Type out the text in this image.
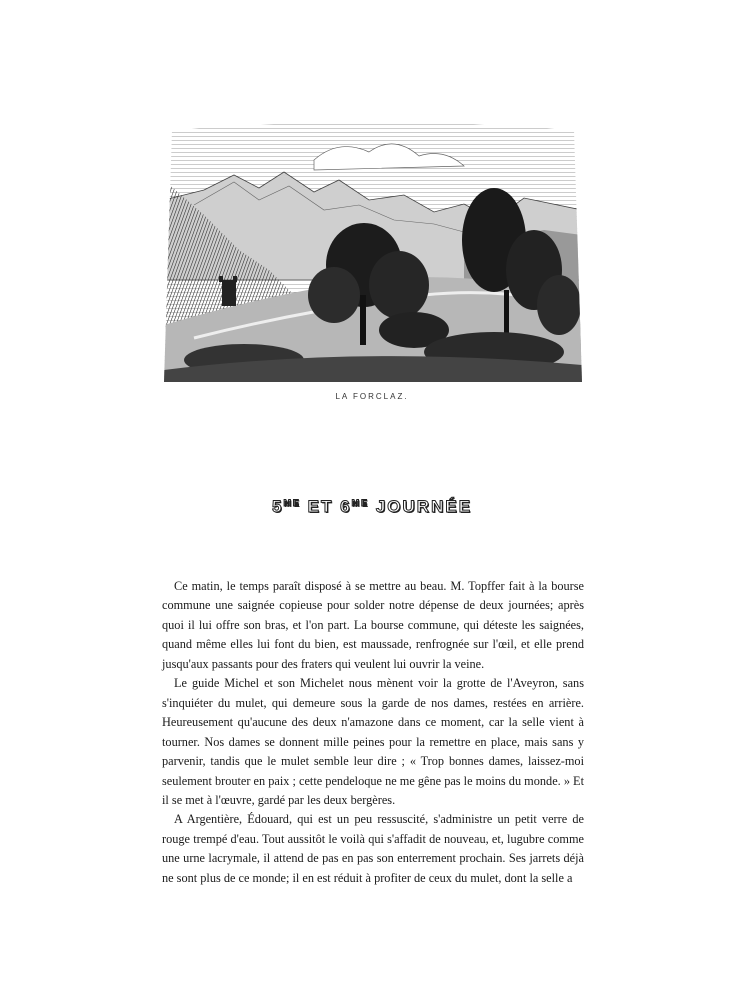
LA FORCLAZ.
$5^{ME}$ ET $6^{ME}$ JOURNÉE

Ce matin, le temps paraît disposé à se mettre au beau. M. Topffer fait à la bourse commune une saignée copieuse pour solder notre dépense de deux journées; après quoi il lui offre son bras, et l'on part. La bourse commune, qui déteste les saignées, quand même elles lui font du bien, est maussade, renfrognée sur l'œil, et elle prend jusqu'aux passants pour des fraters qui veulent lui ouvrir la veine.

Le guide Michel et son Michelet nous mènent voir la grotte de l'Aveyron, sans s'inquiéter du mulet, qui demeure sous la garde de nos dames, restées en arrière. Heureusement qu'aucune des deux n'amazone dans ce moment, car la selle vient à tourner. Nos dames se donnent mille peines pour la remettre en place, mais sans y parvenir, tandis que le mulet semble leur dire ; « Trop bonnes dames, laissez-moi seulement brouter en paix ; cette pendeloque ne me gêne pas le moins du monde. » Et il se met à l'œuvre, gardé par les deux bergères.

A Argentière, Édouard, qui est un peu ressuscité, s'administre un petit verre de rouge trempé d'eau. Tout aussitôt le voilà qui s'affadit de nouveau, et, lugubre comme une urne lacrymale, il attend de pas en pas son enterrement prochain. Ses jarrets déjà ne sont plus de ce monde; il en est réduit à profiter de ceux du mulet, dont la selle a
